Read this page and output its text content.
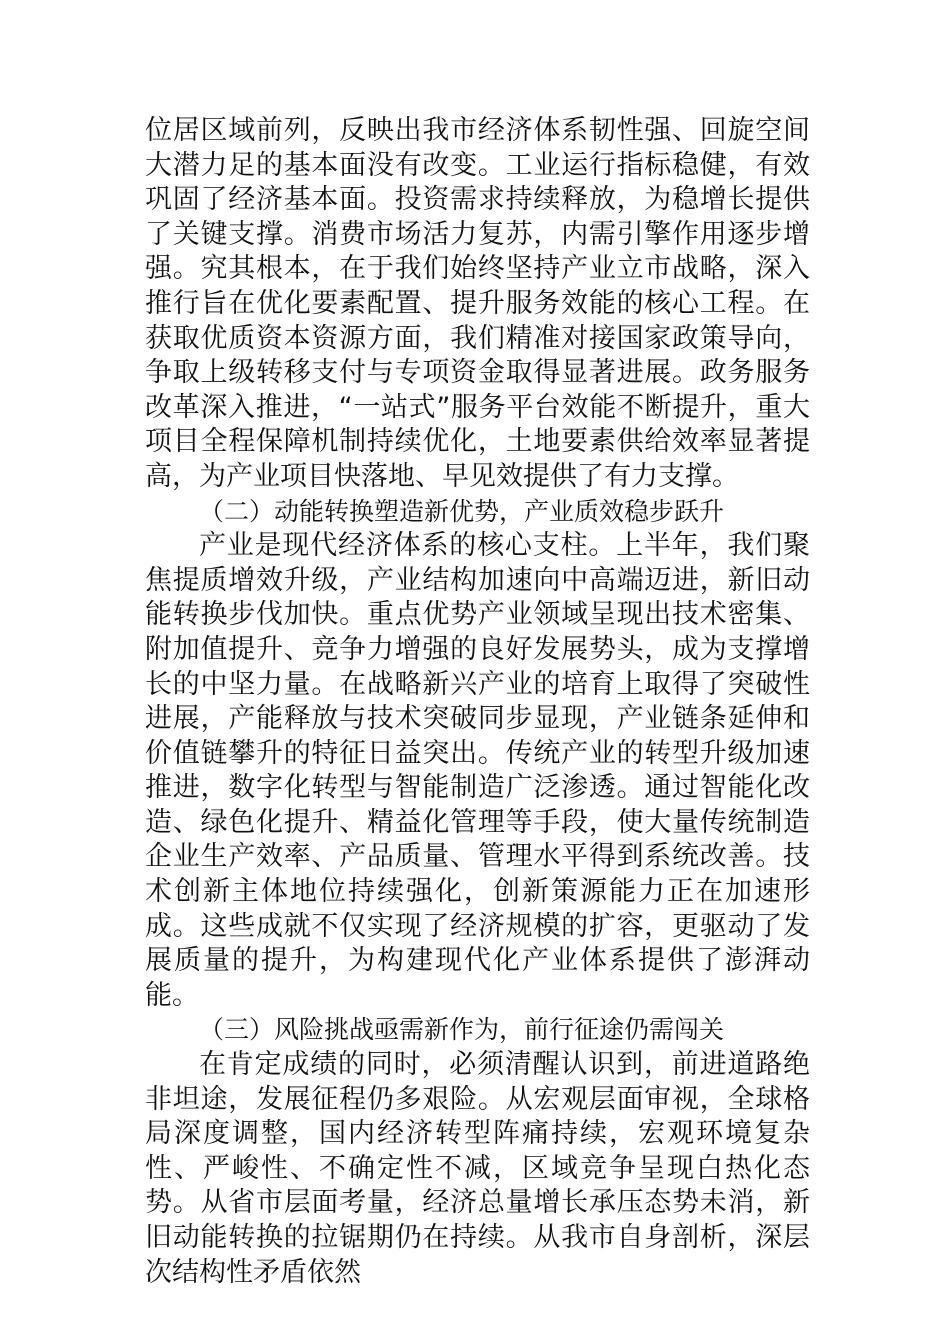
位居区域前列，反映出我市经济体系韧性强、回旋空间大潜力足的基本面没有改变。工业运行指标稳健，有效巩固了经济基本面。投资需求持续释放，为稳增长提供了关键支撑。消费市场活力复苏，内需引擎作用逐步增强。究其根本，在于我们始终坚持产业立市战略，深入推行旨在优化要素配置、提升服务效能的核心工程。在获取优质资本资源方面，我们精准对接国家政策导向，争取上级转移支付与专项资金取得显著进展。政务服务改革深入推进，“一站式”服务平台效能不断提升，重大项目全程保障机制持续优化，土地要素供给效率显著提高，为产业项目快落地、早见效提供了有力支撑。

（二）动能转换塑造新优势，产业质效稳步跃升

产业是现代经济体系的核心支柱。上半年，我们聚焦提质增效升级，产业结构加速向中高端迈进，新旧动能转换步伐加快。重点优势产业领域呈现出技术密集、附加值提升、竞争力增强的良好发展势头，成为支撑增长的中坚力量。在战略新兴产业的培育上取得了突破性进展，产能释放与技术突破同步显现，产业链条延伸和价值链攀升的特征日益突出。传统产业的转型升级加速推进，数字化转型与智能制造广泛渗透。通过智能化改造、绿色化提升、精益化管理等手段，使大量传统制造企业生产效率、产品质量、管理水平得到系统改善。技术创新主体地位持续强化，创新策源能力正在加速形成。这些成就不仅实现了经济规模的扩容，更驱动了发展质量的提升，为构建现代化产业体系提供了澎湃动能。

（三）风险挑战亟需新作为，前行征途仍需闯关

在肯定成绩的同时，必须清醒认识到，前进道路绝非坦途，发展征程仍多艰险。从宏观层面审视，全球格局深度调整，国内经济转型阵痛持续，宏观环境复杂性、严峻性、不确定性不减，区域竞争呈现白热化态势。从省市层面考量，经济总量增长承压态势未消，新旧动能转换的拉锯期仍在持续。从我市自身剖析，深层次结构性矛盾依然
